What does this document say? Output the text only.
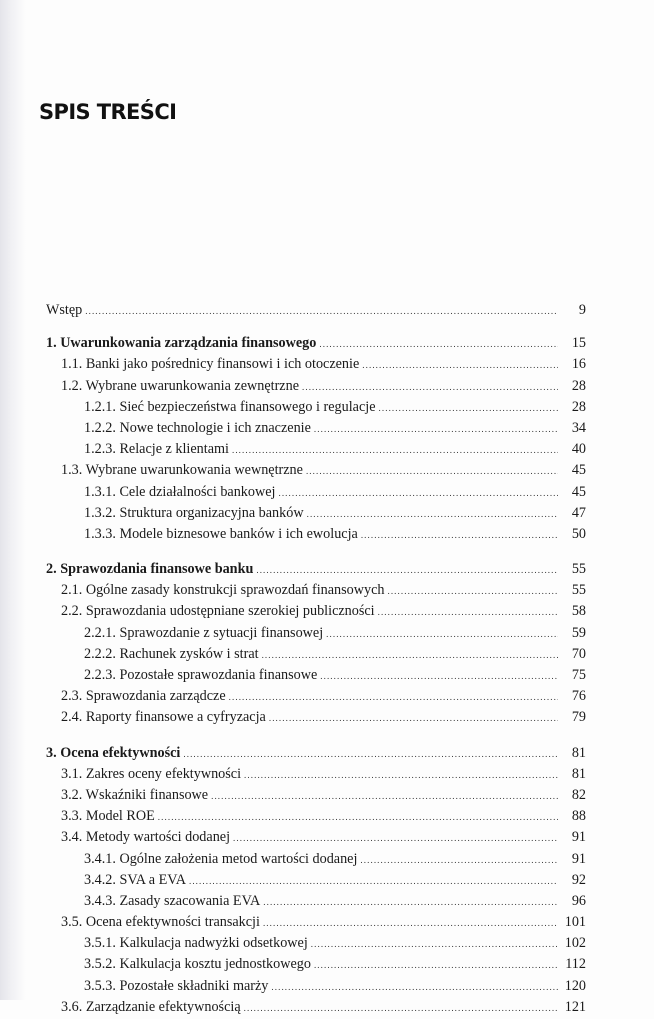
SPIS TREŚCI
Wstęp .....	9
1. Uwarunkowania zarządzania finansowego .....	15
1.1. Banki jako pośrednicy finansowi i ich otoczenie .....	16
1.2. Wybrane uwarunkowania zewnętrzne .....	28
1.2.1. Sieć bezpieczeństwa finansowego i regulacje .....	28
1.2.2. Nowe technologie i ich znaczenie .....	34
1.2.3. Relacje z klientami .....	40
1.3. Wybrane uwarunkowania wewnętrzne .....	45
1.3.1. Cele działalności bankowej .....	45
1.3.2. Struktura organizacyjna banków .....	47
1.3.3. Modele biznesowe banków i ich ewolucja .....	50
2. Sprawozdania finansowe banku .....	55
2.1. Ogólne zasady konstrukcji sprawozdań finansowych .....	55
2.2. Sprawozdania udostępniane szerokiej publiczności .....	58
2.2.1. Sprawozdanie z sytuacji finansowej .....	59
2.2.2. Rachunek zysków i strat .....	70
2.2.3. Pozostałe sprawozdania finansowe .....	75
2.3. Sprawozdania zarządcze .....	76
2.4. Raporty finansowe a cyfryzacja .....	79
3. Ocena efektywności .....	81
3.1. Zakres oceny efektywności .....	81
3.2. Wskaźniki finansowe .....	82
3.3. Model ROE .....	88
3.4. Metody wartości dodanej .....	91
3.4.1. Ogólne założenia metod wartości dodanej .....	91
3.4.2. SVA a EVA .....	92
3.4.3. Zasady szacowania EVA .....	96
3.5. Ocena efektywności transakcji .....	101
3.5.1. Kalkulacja nadwyżki odsetkowej .....	102
3.5.2. Kalkulacja kosztu jednostkowego .....	112
3.5.3. Pozostałe składniki marży .....	120
3.6. Zarządzanie efektywnością .....	121
